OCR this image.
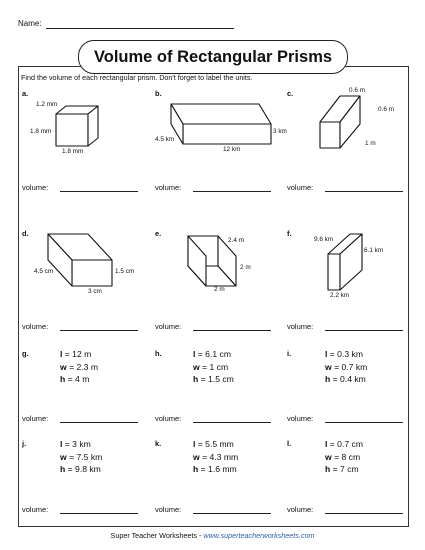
Name:
Volume of Rectangular Prisms
Find the volume of each rectangular prism. Don't forget to label the units.
a.
1.2 mm
1.8 mm
1.8 mm
b.
4.5 km
3 km
12 km
c.	0.6 m
0.6 m
1 m
volume:	volume:	volume:
d.
4.5 cm	1.5 cm
3 cm
e.
2.4 m
2 m
2 m
f.
9.6 km
6.1 km
2.2 km
volume:	volume:	volume:
g.	l = 12 m
w = 2.3 m
h = 4 m
h.	l = 6.1 cm
w = 1 cm
h = 1.5 cm
i.	l = 0.3 km
w = 0.7 km
h = 0.4 km
volume:	volume:	volume:
j.	l = 3 km
w = 7.5 km
h = 9.8 km
k.	l = 5.5 mm
w = 4.3 mm
h = 1.6 mm
l.	l = 0.7 cm
w = 8 cm
h = 7 cm
volume:	volume:	volume:
Super Teacher Worksheets - www.superteacherworksheets.com
